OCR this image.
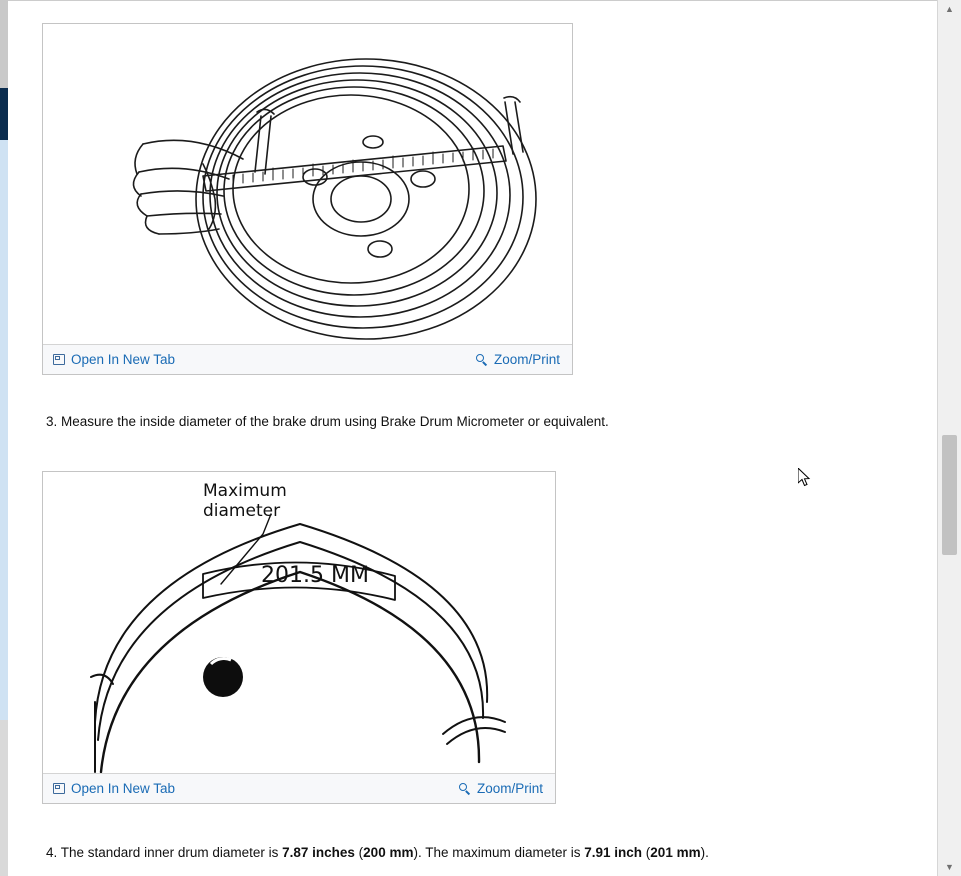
Open In New Tab	Zoom/Print
3. Measure the inside diameter of the brake drum using Brake Drum Micrometer or equivalent.
Maximum
diameter
201.5 MM
Open In New Tab	Zoom/Print
4. The standard inner drum diameter is 7.87 inches (200 mm). The maximum diameter is 7.91 inch (201 mm).
▲
▼
